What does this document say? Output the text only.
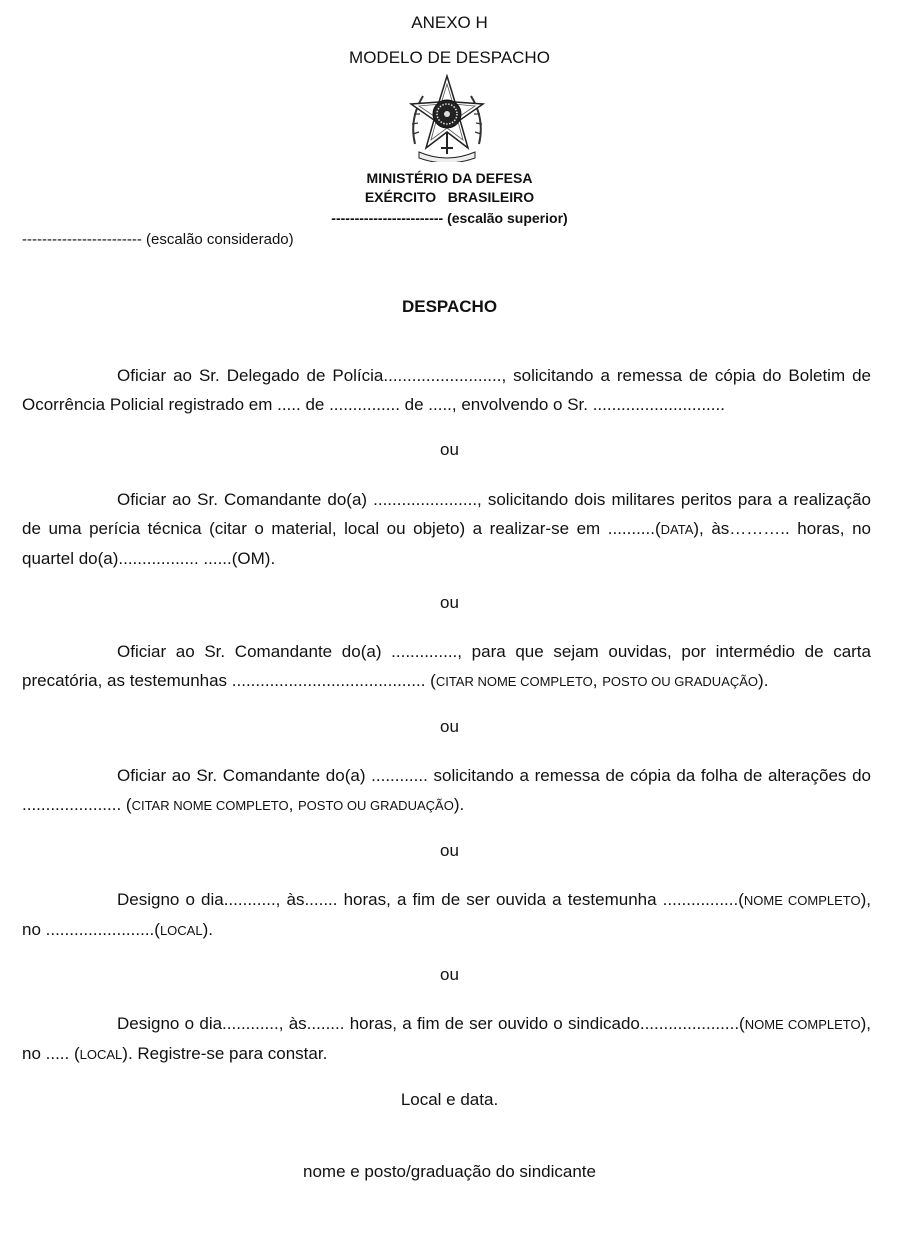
ANEXO H
MODELO DE DESPACHO
MINISTÉRIO DA DEFESA
EXÉRCITO   BRASILEIRO
------------------------ (escalão superior)
------------------------ (escalão considerado)
DESPACHO
Oficiar ao Sr. Delegado de Polícia........................., solicitando a remessa de cópia do Boletim de Ocorrência Policial registrado em ..... de ............... de ....., envolvendo o Sr. ............................
ou
Oficiar ao Sr. Comandante do(a) ......................, solicitando dois militares peritos para a realização de uma perícia técnica (citar o material, local ou objeto) a realizar-se em ..........(DATA), às……….. horas, no quartel do(a)................. ......(OM).
ou
Oficiar ao Sr. Comandante do(a) .............., para que sejam ouvidas, por intermédio de carta precatória, as testemunhas ......................................... (CITAR NOME COMPLETO, POSTO OU GRADUAÇÃO).
ou
Oficiar ao Sr. Comandante do(a) ............ solicitando a remessa de cópia da folha de alterações do ..................... (CITAR NOME COMPLETO, POSTO OU GRADUAÇÃO).
ou
Designo o dia..........., às....... horas, a fim de ser ouvida a testemunha ................(NOME COMPLETO), no .......................(LOCAL).
ou
Designo o dia............, às........ horas, a fim de ser ouvido o sindicado.....................(NOME COMPLETO), no ..... (LOCAL). Registre-se para constar.
Local e data.
nome e posto/graduação do sindicante
